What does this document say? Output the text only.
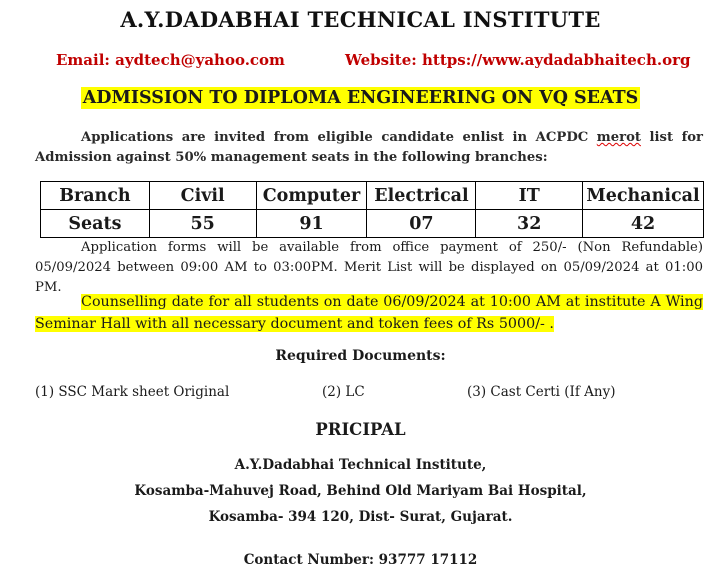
A.Y.DADABHAI TECHNICAL INSTITUTE
Email: aydtech@yahoo.com	Website: https://www.aydadabhaitech.org
ADMISSION TO DIPLOMA ENGINEERING ON VQ SEATS
Applications are invited from eligible candidate enlist in ACPDC merot list for Admission against 50% management seats in the following branches:
Branch	Civil	Computer	Electrical	IT	Mechanical
Seats	55	91	07	32	42
Application forms will be available from office payment of 250/- (Non Refundable) 05/09/2024 between 09:00 AM to 03:00PM. Merit List will be displayed on 05/09/2024 at 01:00 PM.
Counselling date for all students on date 06/09/2024 at 10:00 AM at institute A Wing Seminar Hall with all necessary document and token fees of Rs 5000/- .
Required Documents:
(1) SSC Mark sheet Original	(2) LC	(3) Cast Certi (If Any)
PRICIPAL
A.Y.Dadabhai Technical Institute,
Kosamba-Mahuvej Road, Behind Old Mariyam Bai Hospital,
Kosamba- 394 120, Dist- Surat, Gujarat.
Contact Number: 93777 17112
